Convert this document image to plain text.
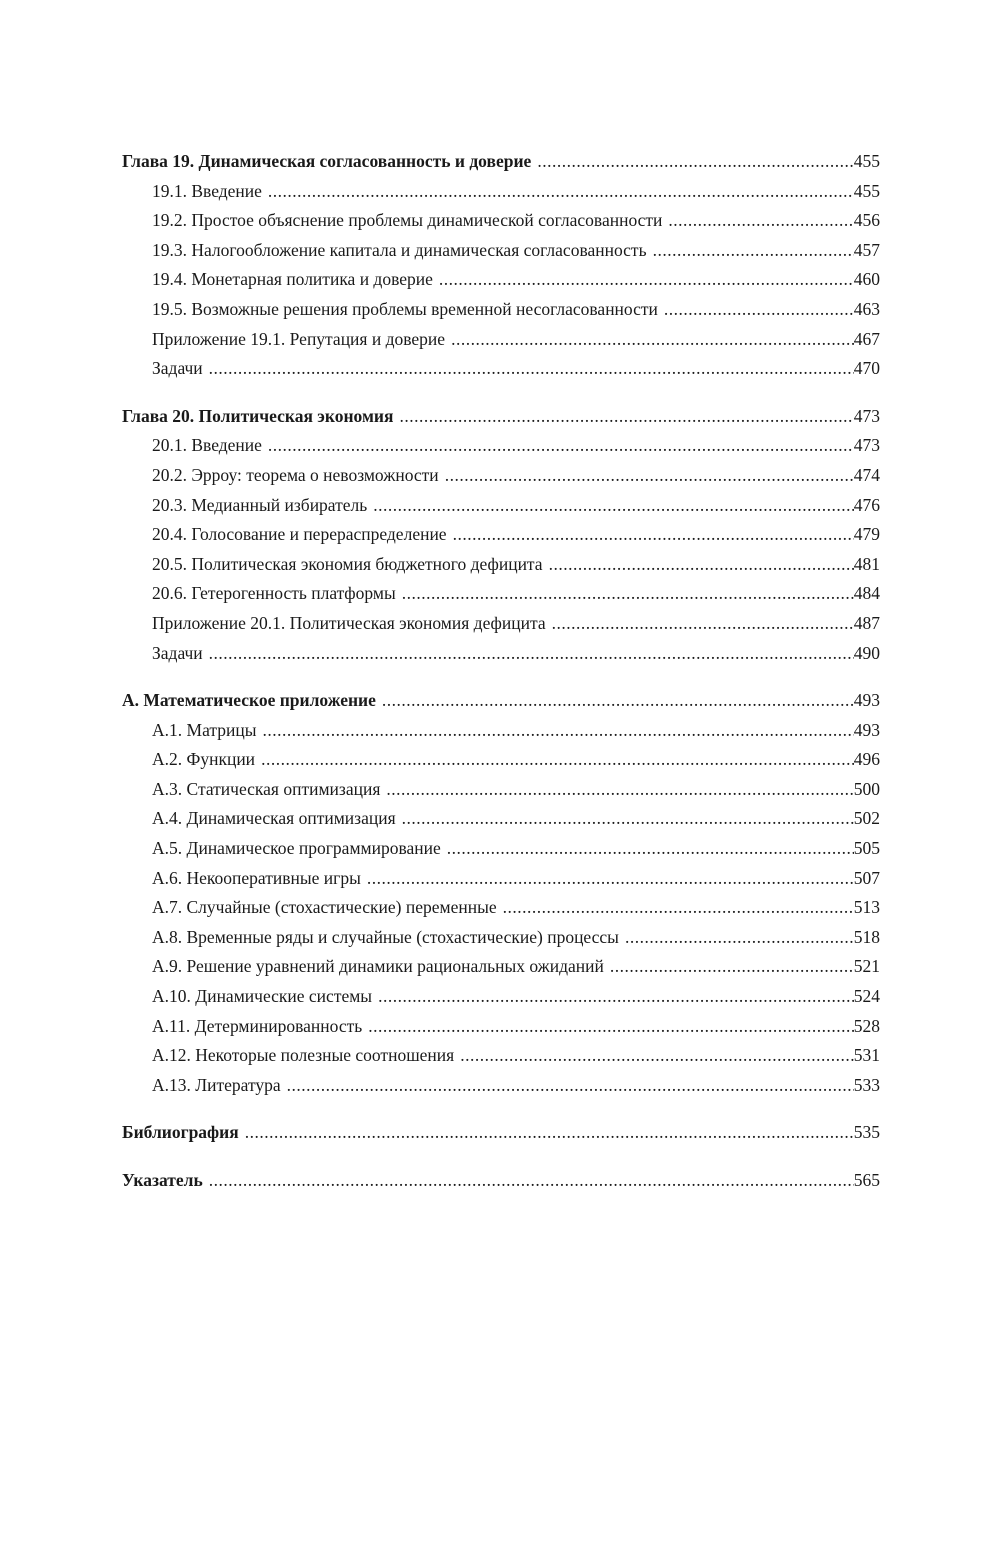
Глава 19. Динамическая согласованность и доверие .....	455
19.1. Введение .....	455
19.2. Простое объяснение проблемы динамической согласованности .....	456
19.3. Налогообложение капитала и динамическая согласованность .....	457
19.4. Монетарная политика и доверие .....	460
19.5. Возможные решения проблемы временной несогласованности .....	463
Приложение 19.1. Репутация и доверие .....	467
Задачи .....	470
Глава 20. Политическая экономия .....	473
20.1. Введение .....	473
20.2. Эрроу: теорема о невозможности .....	474
20.3. Медианный избиратель .....	476
20.4. Голосование и перераспределение .....	479
20.5. Политическая экономия бюджетного дефицита .....	481
20.6. Гетерогенность платформы .....	484
Приложение 20.1. Политическая экономия дефицита .....	487
Задачи .....	490
А. Математическое приложение .....	493
А.1. Матрицы .....	493
А.2. Функции .....	496
А.3. Статическая оптимизация .....	500
А.4. Динамическая оптимизация .....	502
А.5. Динамическое программирование .....	505
А.6. Некооперативные игры .....	507
А.7. Случайные (стохастические) переменные .....	513
А.8. Временные ряды и случайные (стохастические) процессы .....	518
А.9. Решение уравнений динамики рациональных ожиданий .....	521
А.10. Динамические системы .....	524
А.11. Детерминированность .....	528
А.12. Некоторые полезные соотношения .....	531
А.13. Литература .....	533
Библиография .....	535
Указатель .....	565
